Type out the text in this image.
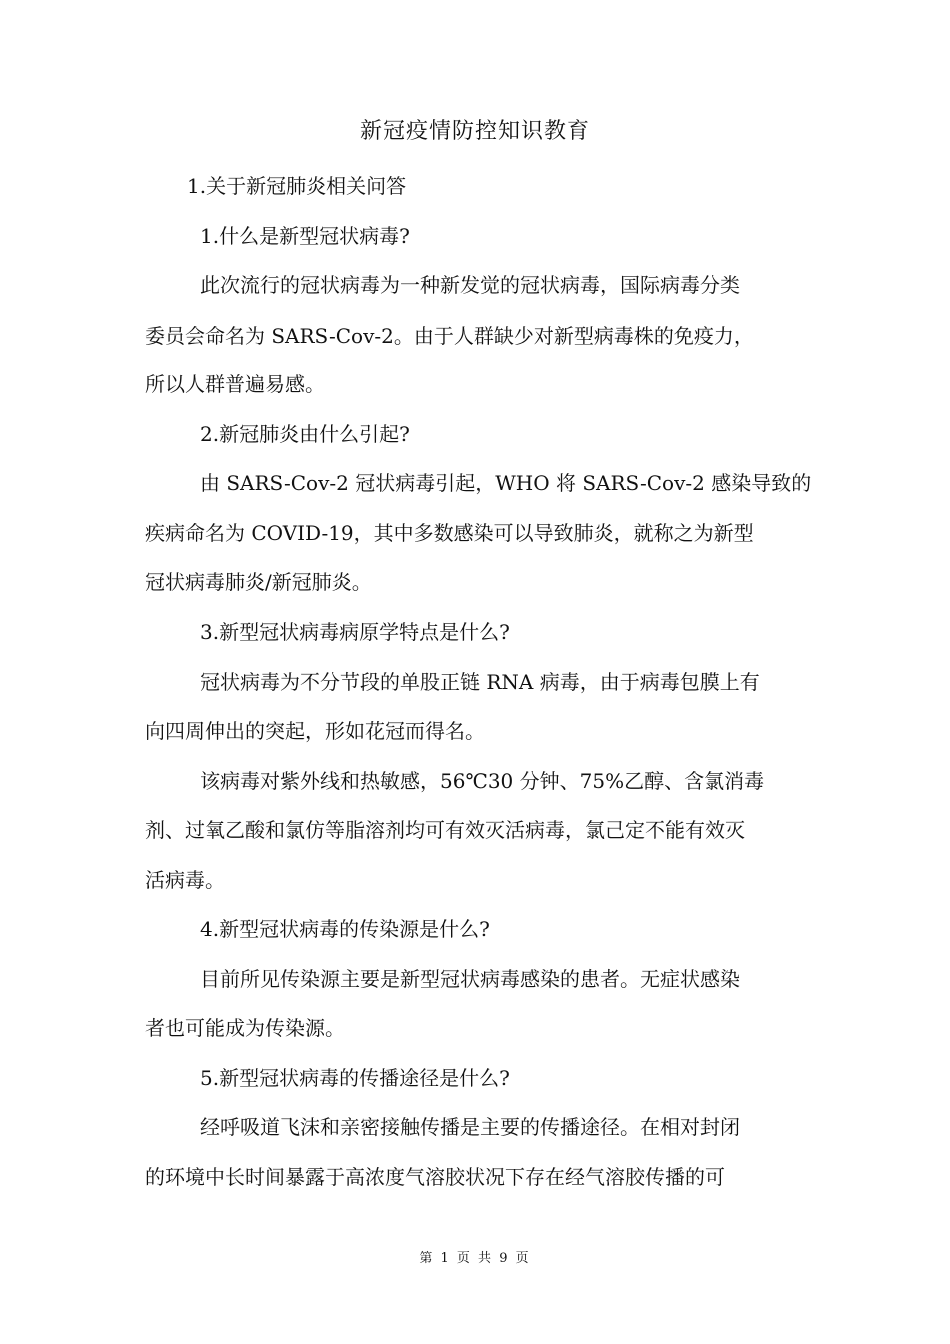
新冠疫情防控知识教育
1.关于新冠肺炎相关问答
1.什么是新型冠状病毒?
此次流行的冠状病毒为一种新发觉的冠状病毒，国际病毒分类
委员会命名为 SARS-Cov-2。由于人群缺少对新型病毒株的免疫力，
所以人群普遍易感。
2.新冠肺炎由什么引起?
由 SARS-Cov-2 冠状病毒引起，WHO 将 SARS-Cov-2 感染导致的
疾病命名为 COVID-19，其中多数感染可以导致肺炎，就称之为新型
冠状病毒肺炎/新冠肺炎。
3.新型冠状病毒病原学特点是什么?
冠状病毒为不分节段的单股正链 RNA 病毒，由于病毒包膜上有
向四周伸出的突起，形如花冠而得名。
该病毒对紫外线和热敏感，56℃30 分钟、75%乙醇、含氯消毒
剂、过氧乙酸和氯仿等脂溶剂均可有效灭活病毒，氯己定不能有效灭
活病毒。
4.新型冠状病毒的传染源是什么?
目前所见传染源主要是新型冠状病毒感染的患者。无症状感染
者也可能成为传染源。
5.新型冠状病毒的传播途径是什么?
经呼吸道飞沫和亲密接触传播是主要的传播途径。在相对封闭
的环境中长时间暴露于高浓度气溶胶状况下存在经气溶胶传播的可
第 1 页 共 9 页
